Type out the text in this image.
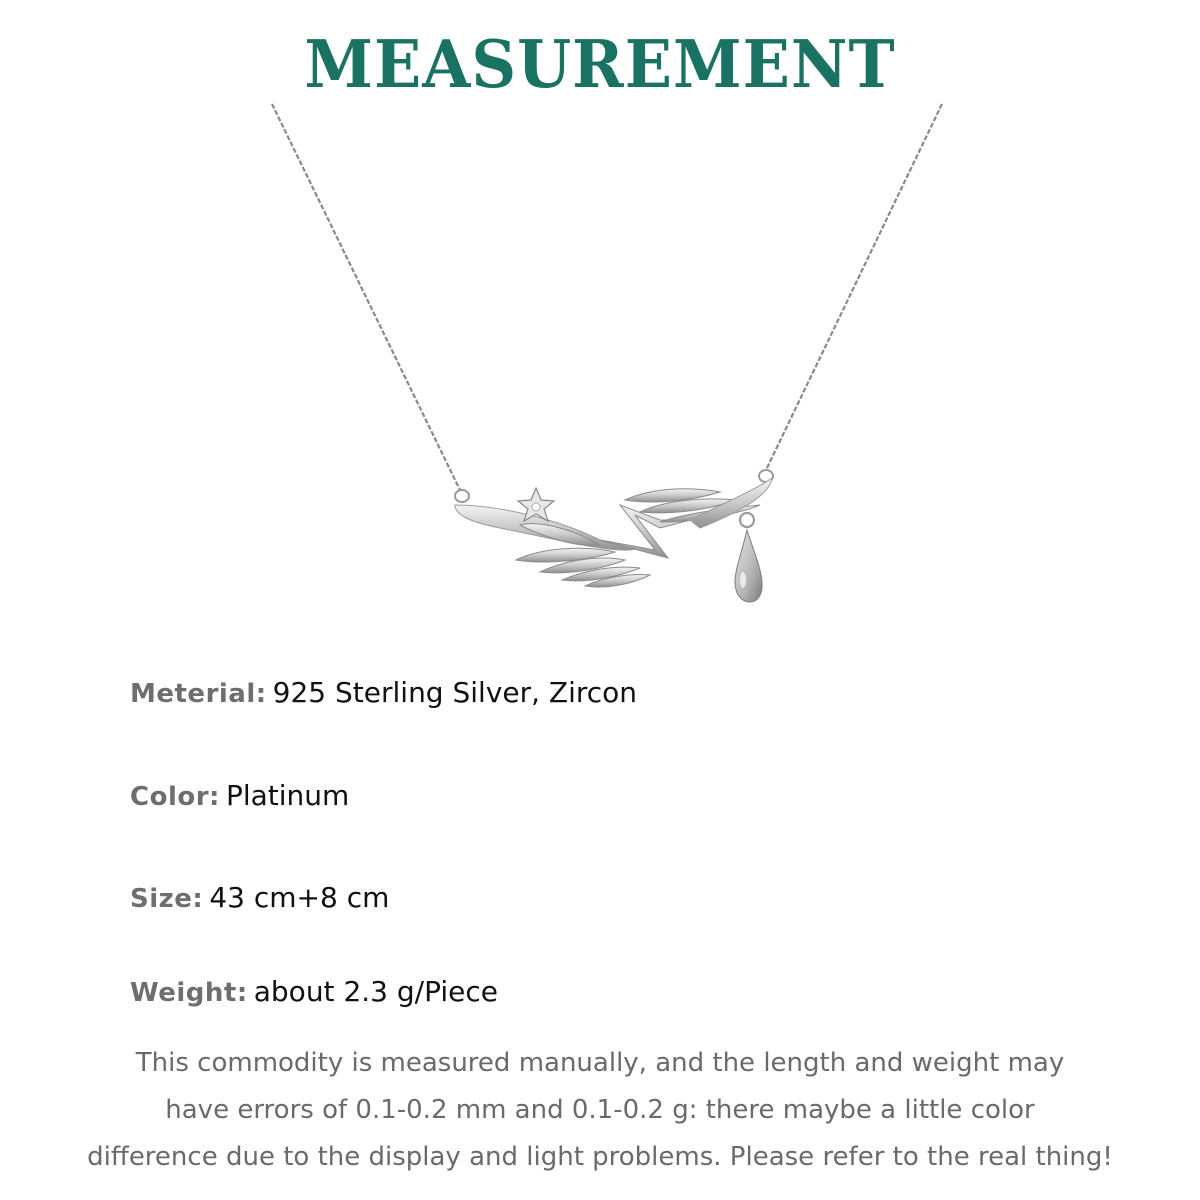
MEASUREMENT
Meterial: 925 Sterling Silver, Zircon
Color: Platinum
Size: 43 cm+8 cm
Weight: about 2.3 g/Piece
This commodity is measured manually, and the length and weight may
have errors of 0.1-0.2 mm and 0.1-0.2 g: there maybe a little color
difference due to the display and light problems. Please refer to the real thing!
